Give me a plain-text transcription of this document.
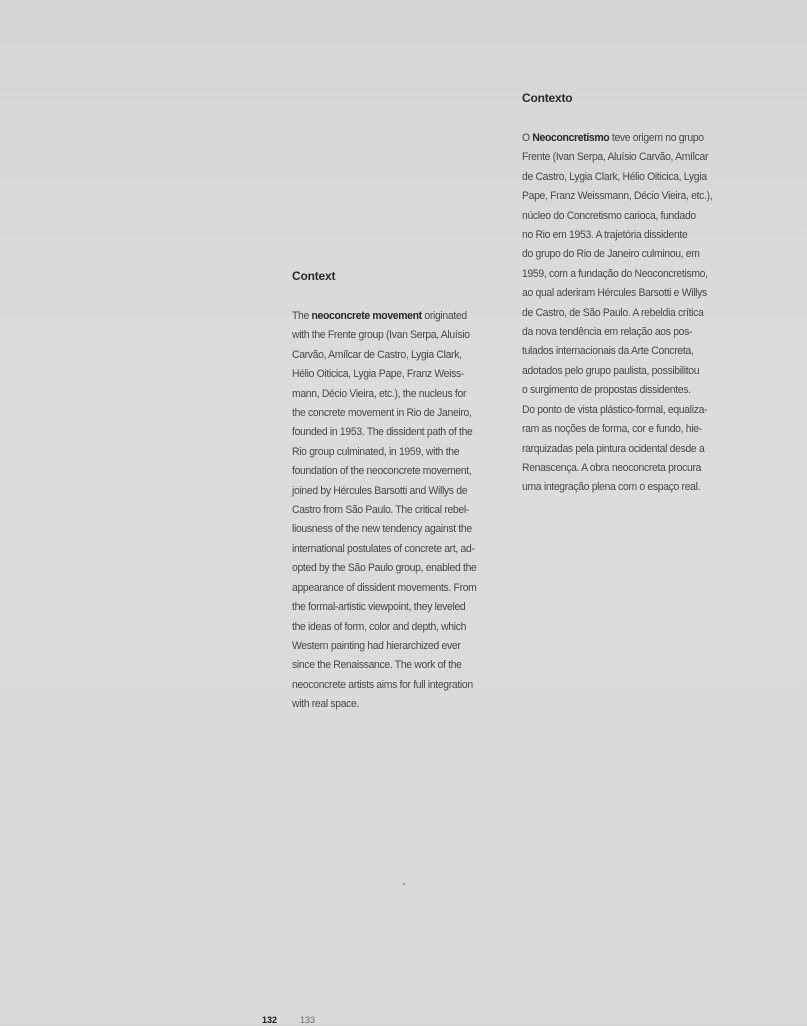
Contexto
O Neoconcretismo teve origem no grupo
Frente (Ivan Serpa, Aluísio Carvão, Amílcar
de Castro, Lygia Clark, Hélio Oiticica, Lygia
Pape, Franz Weissmann, Décio Vieira, etc.),
núcleo do Concretismo carioca, fundado
no Rio em 1953. A trajetória dissidente
do grupo do Rio de Janeiro culminou, em
1959, com a fundação do Neoconcretismo,
ao qual aderiram Hércules Barsotti e Willys
de Castro, de São Paulo. A rebeldia crítica
da nova tendência em relação aos pos-
tulados internacionais da Arte Concreta,
adotados pelo grupo paulista, possibilitou
o surgimento de propostas dissidentes.
Do ponto de vista plástico-formal, equaliza-
ram as noções de forma, cor e fundo, hie-
rarquizadas pela pintura ocidental desde a
Renascença. A obra neoconcreta procura
uma integração plena com o espaço real.
Context
The neoconcrete movement originated
with the Frente group (Ivan Serpa, Aluísio
Carvão, Amílcar de Castro, Lygia Clark,
Hélio Oiticica, Lygia Pape, Franz Weiss-
mann, Décio Vieira, etc.), the nucleus for
the concrete movement in Rio de Janeiro,
founded in 1953. The dissident path of the
Rio group culminated, in 1959, with the
foundation of the neoconcrete movement,
joined by Hércules Barsotti and Willys de
Castro from São Paulo. The critical rebel-
liousness of the new tendency against the
international postulates of concrete art, ad-
opted by the São Paulo group, enabled the
appearance of dissident movements. From
the formal-artistic viewpoint, they leveled
the ideas of form, color and depth, which
Western painting had hierarchized ever
since the Renaissance. The work of the
neoconcrete artists aims for full integration
with real space.
132	133
